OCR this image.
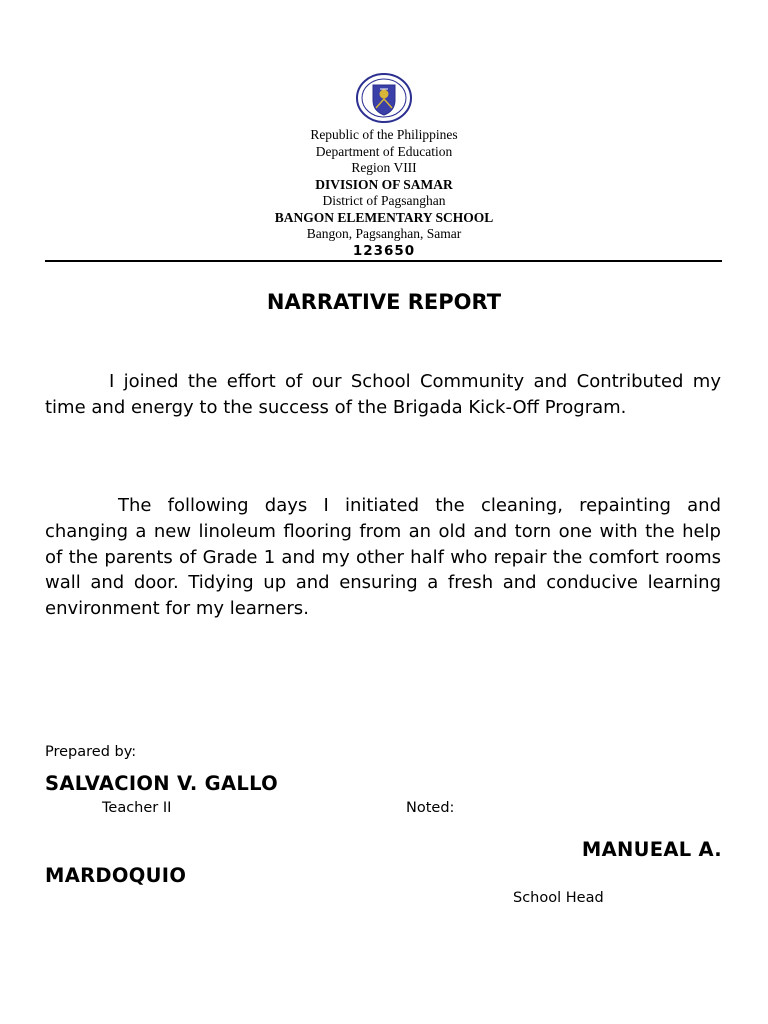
Republic of the Philippines
Department of Education
Region VIII
DIVISION OF SAMAR
District of Pagsanghan
BANGON ELEMENTARY SCHOOL
Bangon, Pagsanghan, Samar
123650
NARRATIVE REPORT
I joined the effort of our School Community and Contributed my time and energy to the success of the Brigada Kick-Off Program.
The following days I initiated the cleaning, repainting and changing a new linoleum flooring from an old and torn one with the help of the parents of Grade 1 and my other half who repair the comfort rooms wall and door. Tidying up and ensuring a fresh and conducive learning environment for my learners.
Prepared by:
SALVACION V. GALLO
Teacher II	Noted:
MANUEAL A.
MARDOQUIO
School Head
